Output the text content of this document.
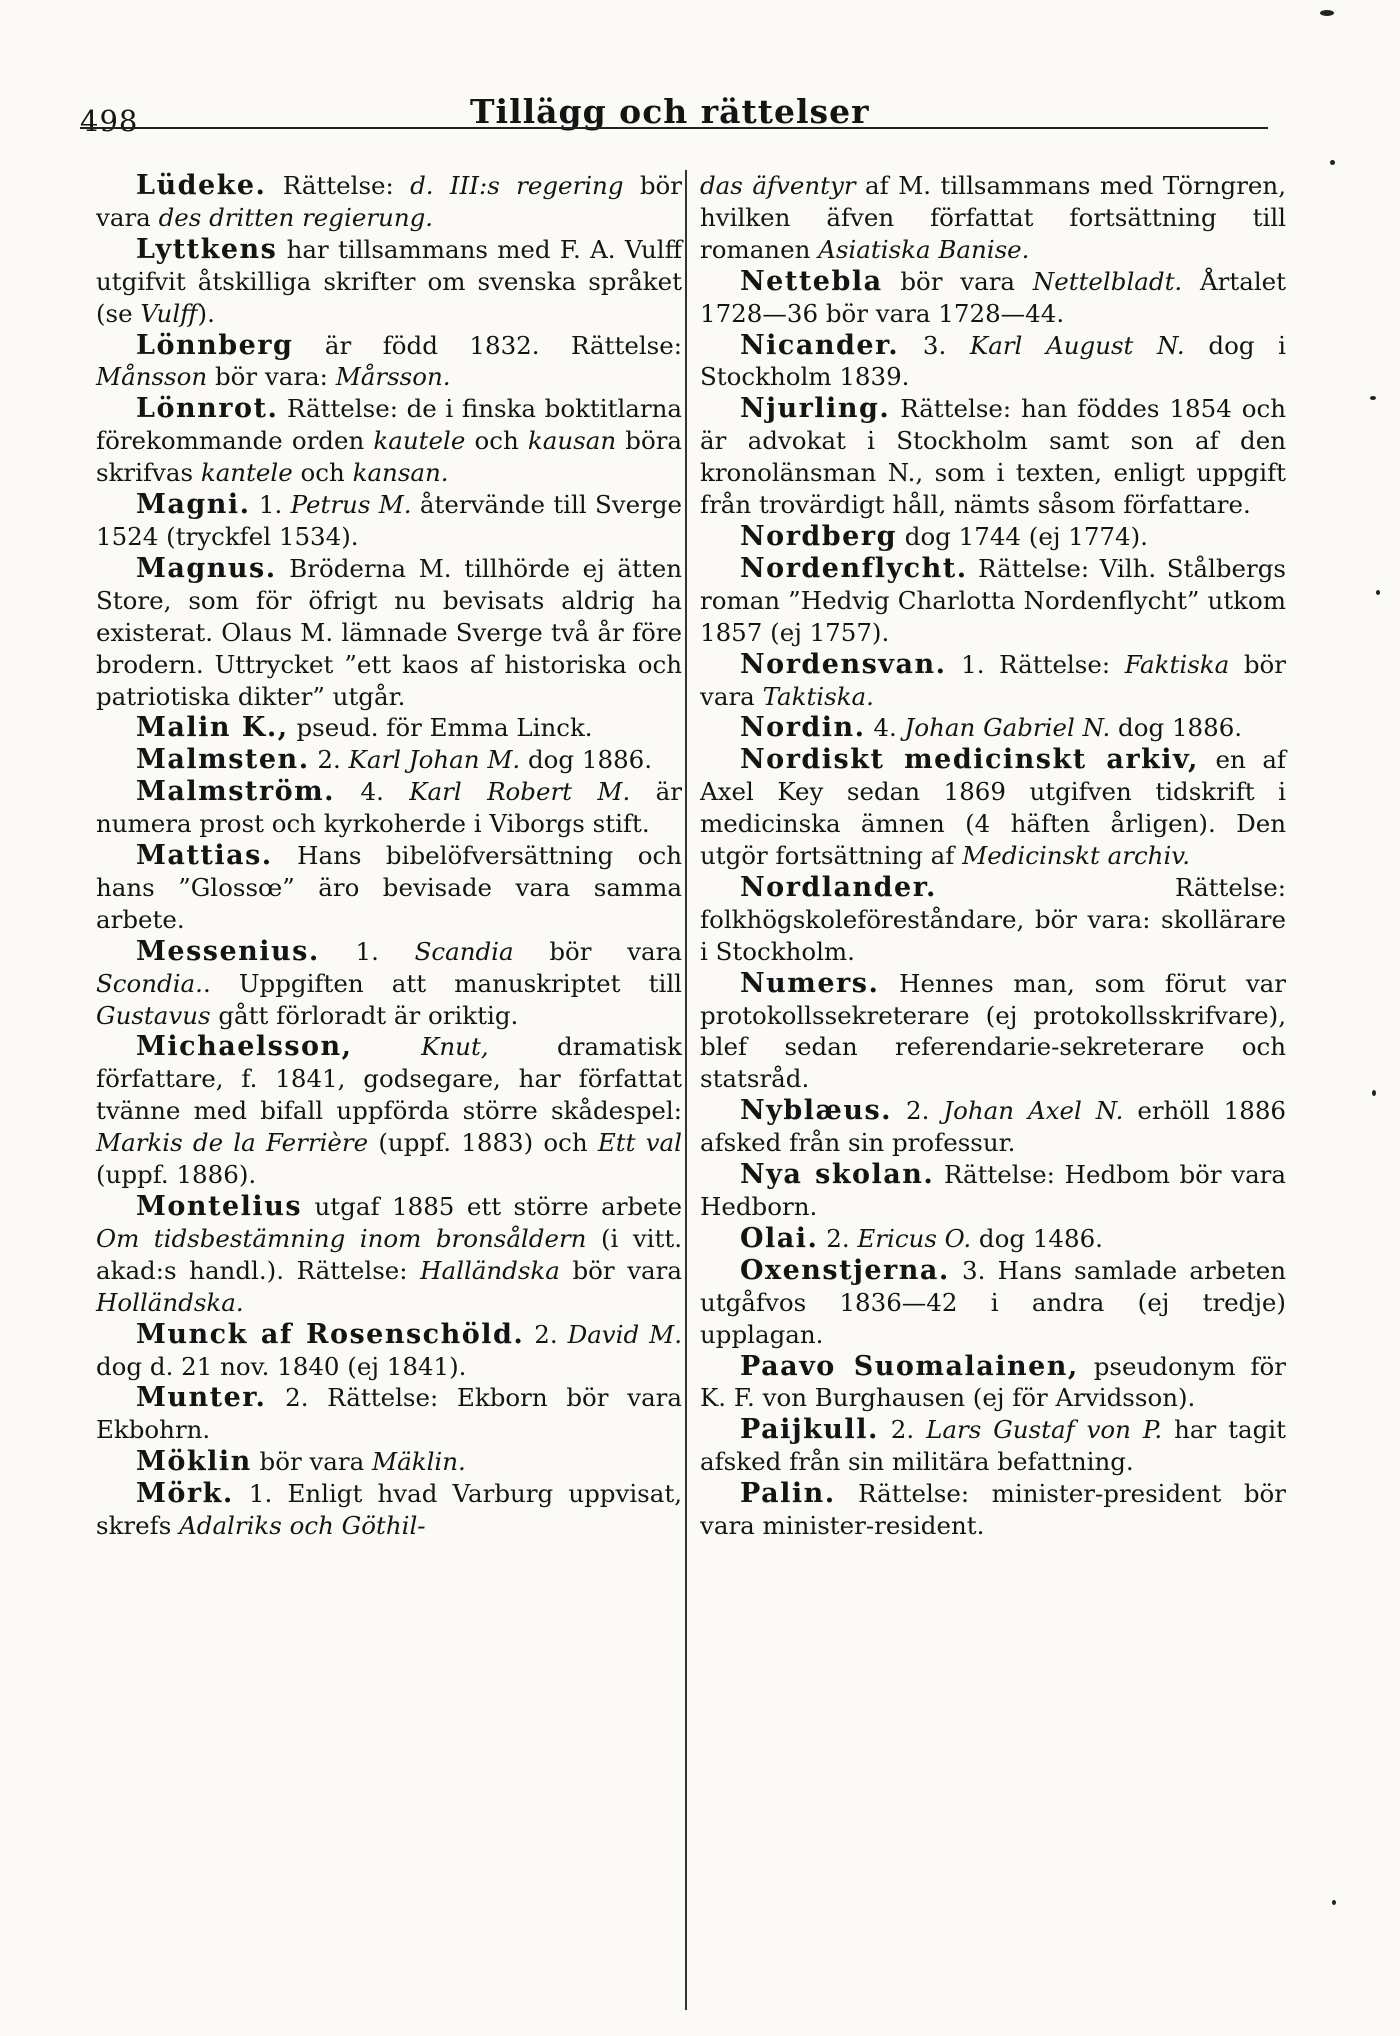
498	Tillägg och rättelser

Lüdeke. Rättelse: d. III:s regering bör vara des dritten regierung.

Lyttkens har tillsammans med F. A. Vulff utgifvit åtskilliga skrifter om svenska språket (se Vulff).

Lönnberg är född 1832. Rättelse: Månsson bör vara: Mårsson.

Lönnrot. Rättelse: de i finska boktitlarna förekommande orden kautele och kausan böra skrifvas kantele och kansan.

Magni. 1. Petrus M. återvände till Sverge 1524 (tryckfel 1534).

Magnus. Bröderna M. tillhörde ej ätten Store, som för öfrigt nu bevisats aldrig ha existerat. Olaus M. lämnade Sverge två år före brodern. Uttrycket ”ett kaos af historiska och patriotiska dikter” utgår.

Malin K., pseud. för Emma Linck.

Malmsten. 2. Karl Johan M. dog 1886.

Malmström. 4. Karl Robert M. är numera prost och kyrkoherde i Viborgs stift.

Mattias. Hans bibelöfversättning och hans ”Glossœ” äro bevisade vara samma arbete.

Messenius. 1. Scandia bör vara Scondia.. Uppgiften att manuskriptet till Gustavus gått förloradt är oriktig.

Michaelsson,	Knut, dramatisk författare, f. 1841, godsegare, har författat tvänne med bifall uppförda större skådespel: Markis de la Ferrière (uppf. 1883) och Ett val (uppf. 1886).

Montelius utgaf 1885 ett större arbete Om tidsbestämning inom bronsåldern (i vitt. akad:s handl.). Rättelse: Halländska bör vara Holländska.

Munck af Rosenschöld. 2. David M. dog d. 21 nov. 1840 (ej 1841).

Munter. 2. Rättelse: Ekborn bör vara Ekbohrn.

Möklin bör vara Mäklin.

Mörk. 1. Enligt hvad Varburg uppvisat, skrefs Adalriks och Göthil-

das äfventyr af M. tillsammans med Törngren, hvilken äfven författat fortsättning till romanen Asiatiska Banise.

Nettebla bör vara Nettelbladt. Årtalet 1728—36 bör vara 1728—44.

Nicander. 3. Karl August N. dog i Stockholm 1839.

Njurling. Rättelse: han föddes 1854 och är advokat i Stockholm samt son af den kronolänsman N., som i texten, enligt uppgift från trovärdigt håll, nämts såsom författare.

Nordberg dog 1744 (ej 1774).

Nordenflycht. Rättelse: Vilh. Stålbergs roman ”Hedvig Charlotta Nordenflycht” utkom 1857 (ej 1757).

Nordensvan. 1. Rättelse: Faktiska bör vara Taktiska.

Nordin. 4. Johan Gabriel N. dog 1886.

Nordiskt medicinskt arkiv, en af Axel Key sedan 1869 utgifven tidskrift i medicinska ämnen (4 häften årligen). Den utgör fortsättning af Medicinskt archiv.

Nordlander. Rättelse: folkhögskoleföreståndare, bör vara: skollärare i Stockholm.

Numers. Hennes man, som förut var protokollssekreterare (ej protokollsskrifvare), blef sedan referendarie-sekreterare och statsråd.

Nyblæus. 2. Johan Axel N. erhöll 1886 afsked från sin professur.

Nya skolan. Rättelse: Hedbom bör vara Hedborn.

Olai. 2. Ericus O. dog 1486.

Oxenstjerna. 3. Hans samlade arbeten utgåfvos 1836—42 i andra (ej tredje) upplagan.

Paavo Suomalainen, pseudonym för K. F. von Burghausen (ej för Arvidsson).

Paijkull. 2. Lars Gustaf von P. har tagit afsked från sin militära befattning.

Palin. Rättelse: minister-president bör vara minister-resident.
